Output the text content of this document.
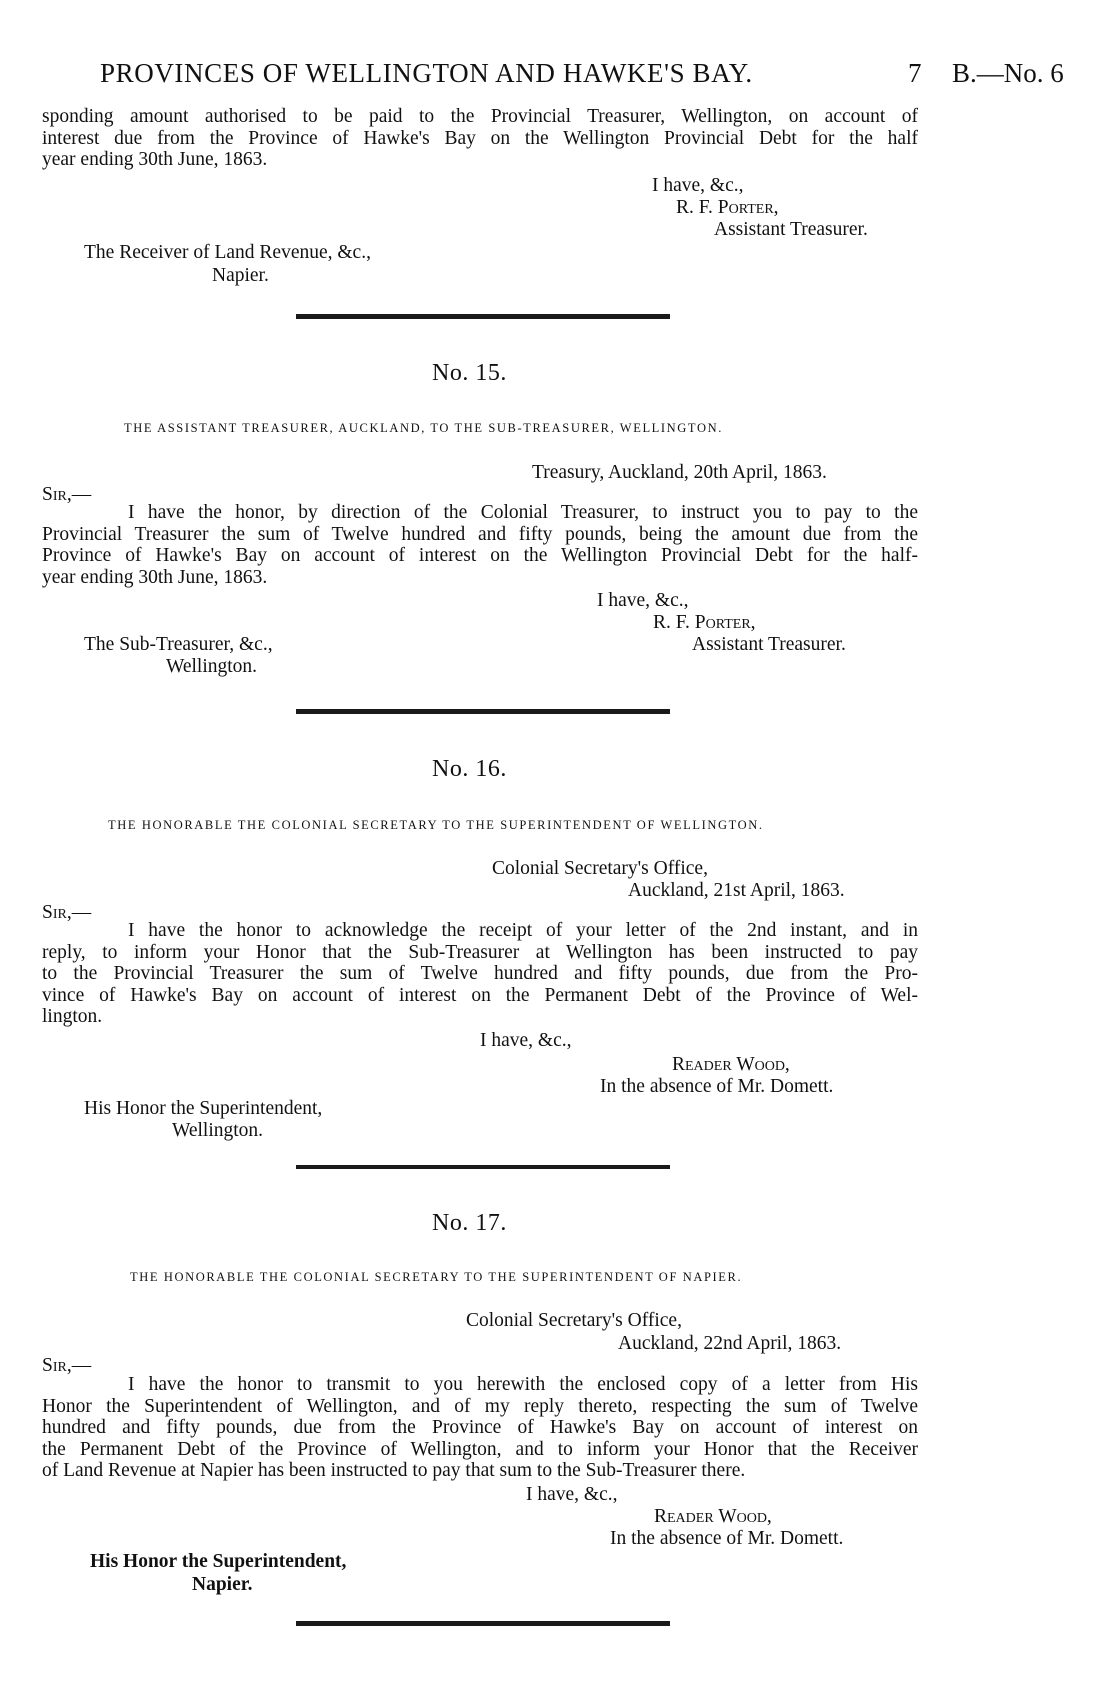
PROVINCES OF WELLINGTON AND HAWKE'S BAY.	7 B.—No. 6
sponding amount authorised to be paid to the Provincial Treasurer, Wellington, on account of
interest due from the Province of Hawke's Bay on the Wellington Provincial Debt for the half
year ending 30th June, 1863.
I have, &c.,
R. F. Porter,
Assistant Treasurer.
The Receiver of Land Revenue, &c.,
Napier.
No. 15.
THE ASSISTANT TREASURER, AUCKLAND, TO THE SUB-TREASURER, WELLINGTON.
Treasury, Auckland, 20th April, 1863.
Sir,—
I have the honor, by direction of the Colonial Treasurer, to instruct you to pay to the
Provincial Treasurer the sum of Twelve hundred and fifty pounds, being the amount due from the
Province of Hawke's Bay on account of interest on the Wellington Provincial Debt for the half-
year ending 30th June, 1863.
I have, &c.,
R. F. Porter,
Assistant Treasurer.
The Sub-Treasurer, &c.,
Wellington.
No. 16.
THE HONORABLE THE COLONIAL SECRETARY TO THE SUPERINTENDENT OF WELLINGTON.
Colonial Secretary's Office,
Auckland, 21st April, 1863.
Sir,—
I have the honor to acknowledge the receipt of your letter of the 2nd instant, and in
reply, to inform your Honor that the Sub-Treasurer at Wellington has been instructed to pay
to the Provincial Treasurer the sum of Twelve hundred and fifty pounds, due from the Pro-
vince of Hawke's Bay on account of interest on the Permanent Debt of the Province of Wel-
lington.
I have, &c.,
Reader Wood,
In the absence of Mr. Domett.
His Honor the Superintendent,
Wellington.
No. 17.
THE HONORABLE THE COLONIAL SECRETARY TO THE SUPERINTENDENT OF NAPIER.
Colonial Secretary's Office,
Auckland, 22nd April, 1863.
Sir,—
I have the honor to transmit to you herewith the enclosed copy of a letter from His
Honor the Superintendent of Wellington, and of my reply thereto, respecting the sum of Twelve
hundred and fifty pounds, due from the Province of Hawke's Bay on account of interest on
the Permanent Debt of the Province of Wellington, and to inform your Honor that the Receiver
of Land Revenue at Napier has been instructed to pay that sum to the Sub-Treasurer there.
I have, &c.,
Reader Wood,
In the absence of Mr. Domett.
His Honor the Superintendent,
Napier.
